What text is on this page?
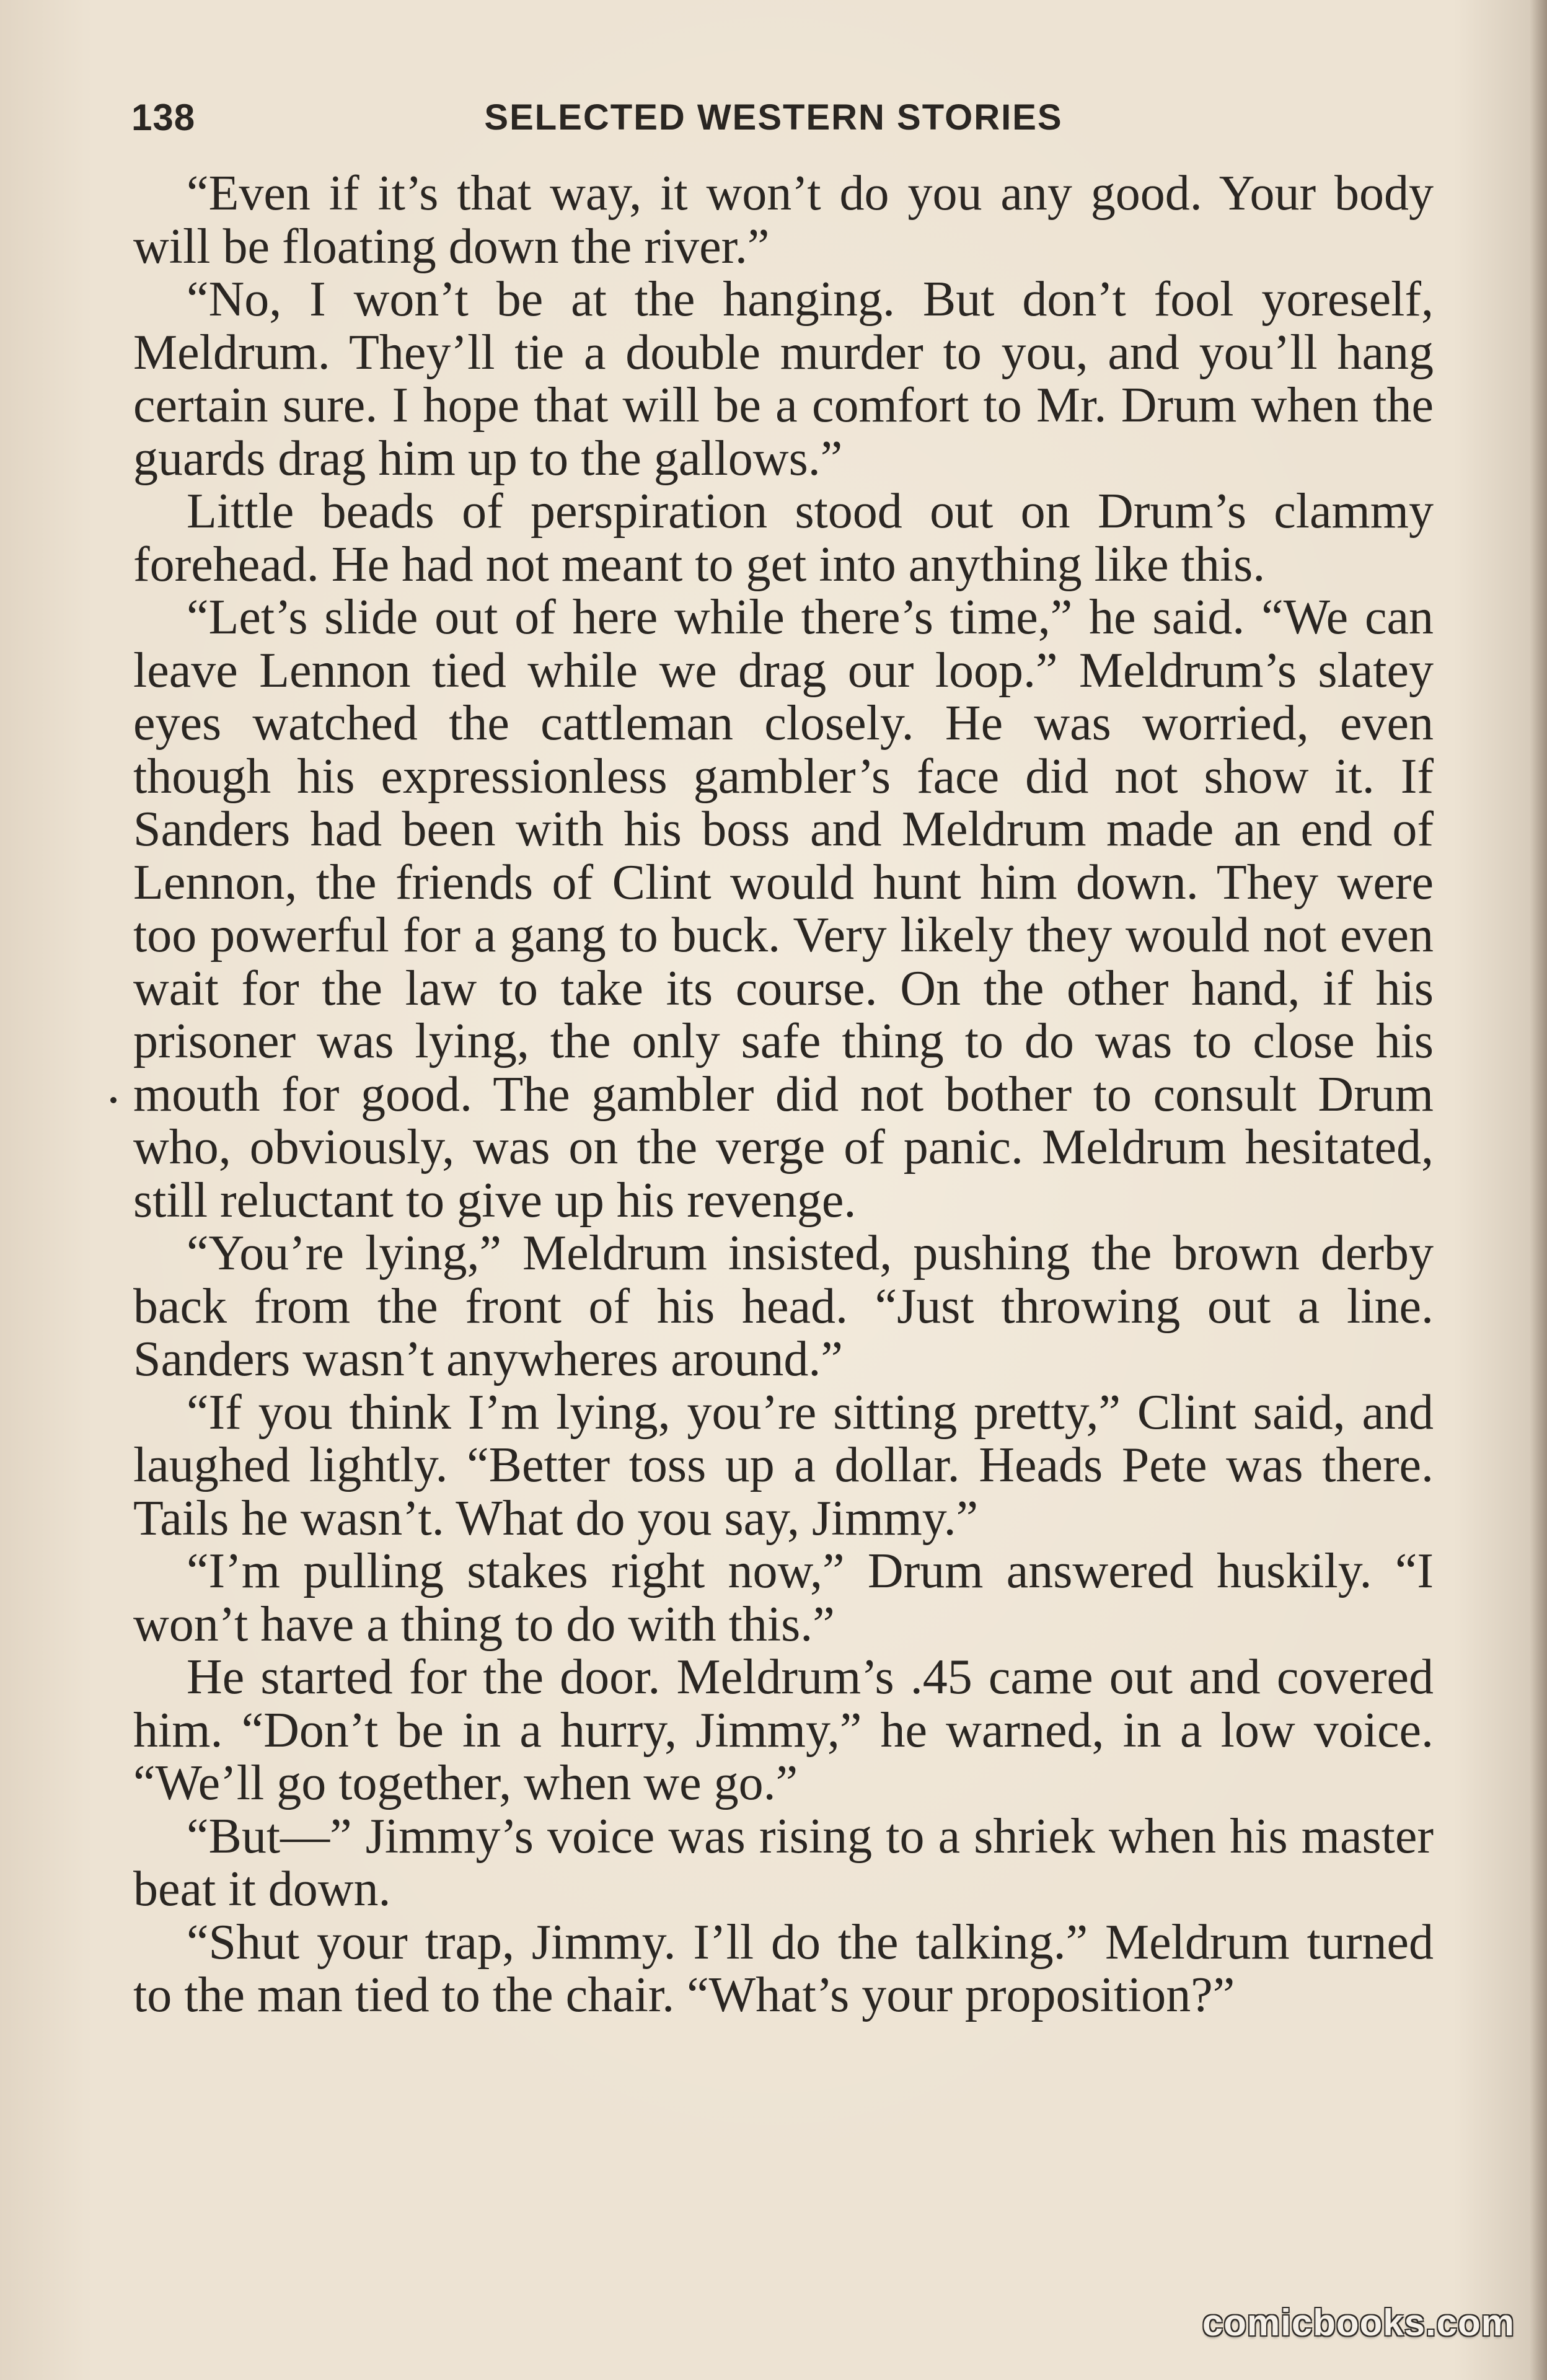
138	SELECTED WESTERN STORIES

“Even if it’s that way, it won’t do you any good. Your body will be floating down the river.”

“No, I won’t be at the hanging. But don’t fool yoreself, Meldrum. They’ll tie a double murder to you, and you’ll hang certain sure. I hope that will be a comfort to Mr. Drum when the guards drag him up to the gallows.”

Little beads of perspiration stood out on Drum’s clammy forehead. He had not meant to get into anything like this.

“Let’s slide out of here while there’s time,” he said. “We can leave Lennon tied while we drag our loop.” Meldrum’s slatey eyes watched the cattleman closely. He was worried, even though his expressionless gambler’s face did not show it. If Sanders had been with his boss and Meldrum made an end of Lennon, the friends of Clint would hunt him down. They were too powerful for a gang to buck. Very likely they would not even wait for the law to take its course. On the other hand, if his prisoner was lying, the only safe thing to do was to close his mouth for good. The gambler did not bother to consult Drum who, obviously, was on the verge of panic. Meldrum hesitated, still reluctant to give up his revenge.

“You’re lying,” Meldrum insisted, pushing the brown derby back from the front of his head. “Just throwing out a line. Sanders wasn’t anywheres around.”

“If you think I’m lying, you’re sitting pretty,” Clint said, and laughed lightly. “Better toss up a dollar. Heads Pete was there. Tails he wasn’t. What do you say, Jimmy.”

“I’m pulling stakes right now,” Drum answered huskily. “I won’t have a thing to do with this.”

He started for the door. Meldrum’s .45 came out and covered him. “Don’t be in a hurry, Jimmy,” he warned, in a low voice. “We’ll go together, when we go.”

“But—” Jimmy’s voice was rising to a shriek when his master beat it down.

“Shut your trap, Jimmy. I’ll do the talking.” Meldrum turned to the man tied to the chair. “What’s your proposition?”

comicbooks.com
